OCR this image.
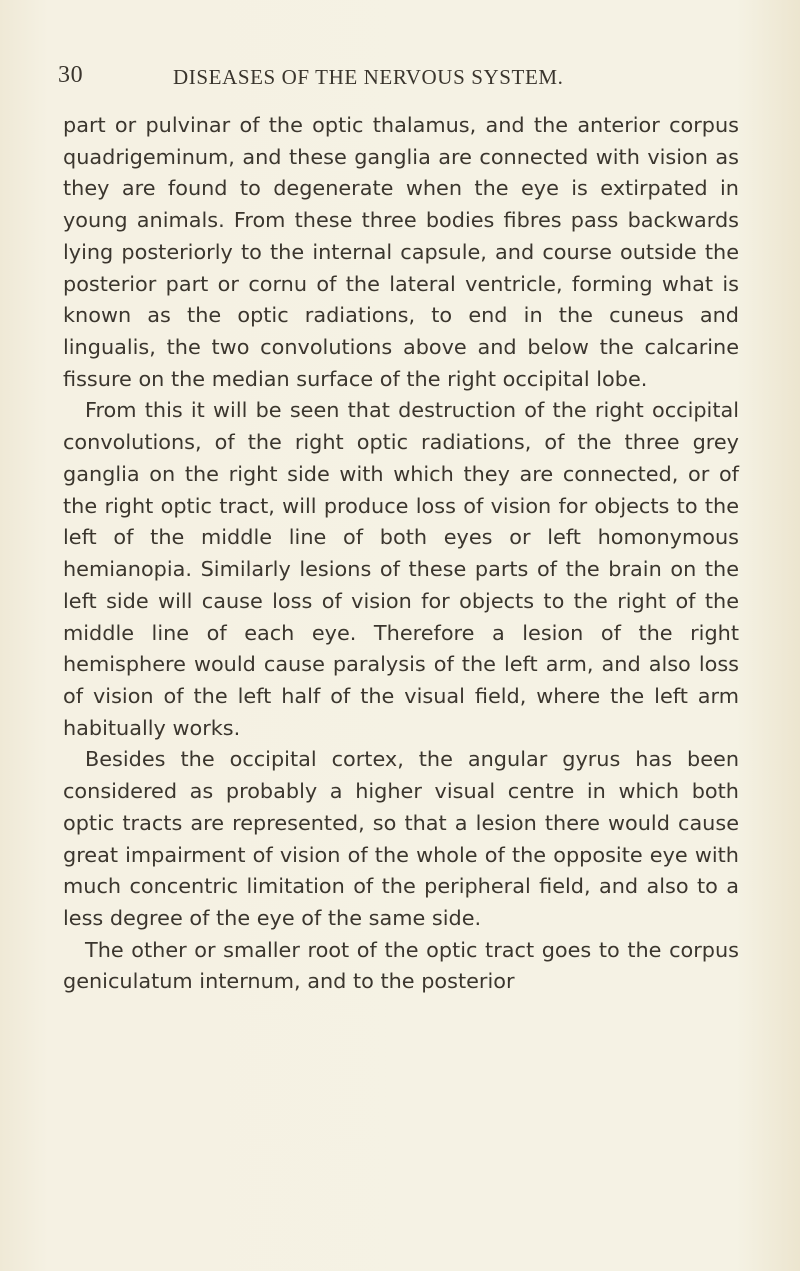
30	DISEASES OF THE NERVOUS SYSTEM.

part or pulvinar of the optic thalamus, and the anterior corpus quadrigeminum, and these ganglia are connected with vision as they are found to degenerate when the eye is extirpated in young animals. From these three bodies fibres pass backwards lying posteriorly to the internal capsule, and course outside the posterior part or cornu of the lateral ventricle, forming what is known as the optic radiations, to end in the cuneus and lingualis, the two convolutions above and below the calcarine fissure on the median surface of the right occipital lobe.

From this it will be seen that destruction of the right occipital convolutions, of the right optic radiations, of the three grey ganglia on the right side with which they are connected, or of the right optic tract, will produce loss of vision for objects to the left of the middle line of both eyes or left homonymous hemianopia. Similarly lesions of these parts of the brain on the left side will cause loss of vision for objects to the right of the middle line of each eye. Therefore a lesion of the right hemisphere would cause paralysis of the left arm, and also loss of vision of the left half of the visual field, where the left arm habitually works.

Besides the occipital cortex, the angular gyrus has been considered as probably a higher visual centre in which both optic tracts are represented, so that a lesion there would cause great impairment of vision of the whole of the opposite eye with much concentric limitation of the peripheral field, and also to a less degree of the eye of the same side.

The other or smaller root of the optic tract goes to the corpus geniculatum internum, and to the posterior
